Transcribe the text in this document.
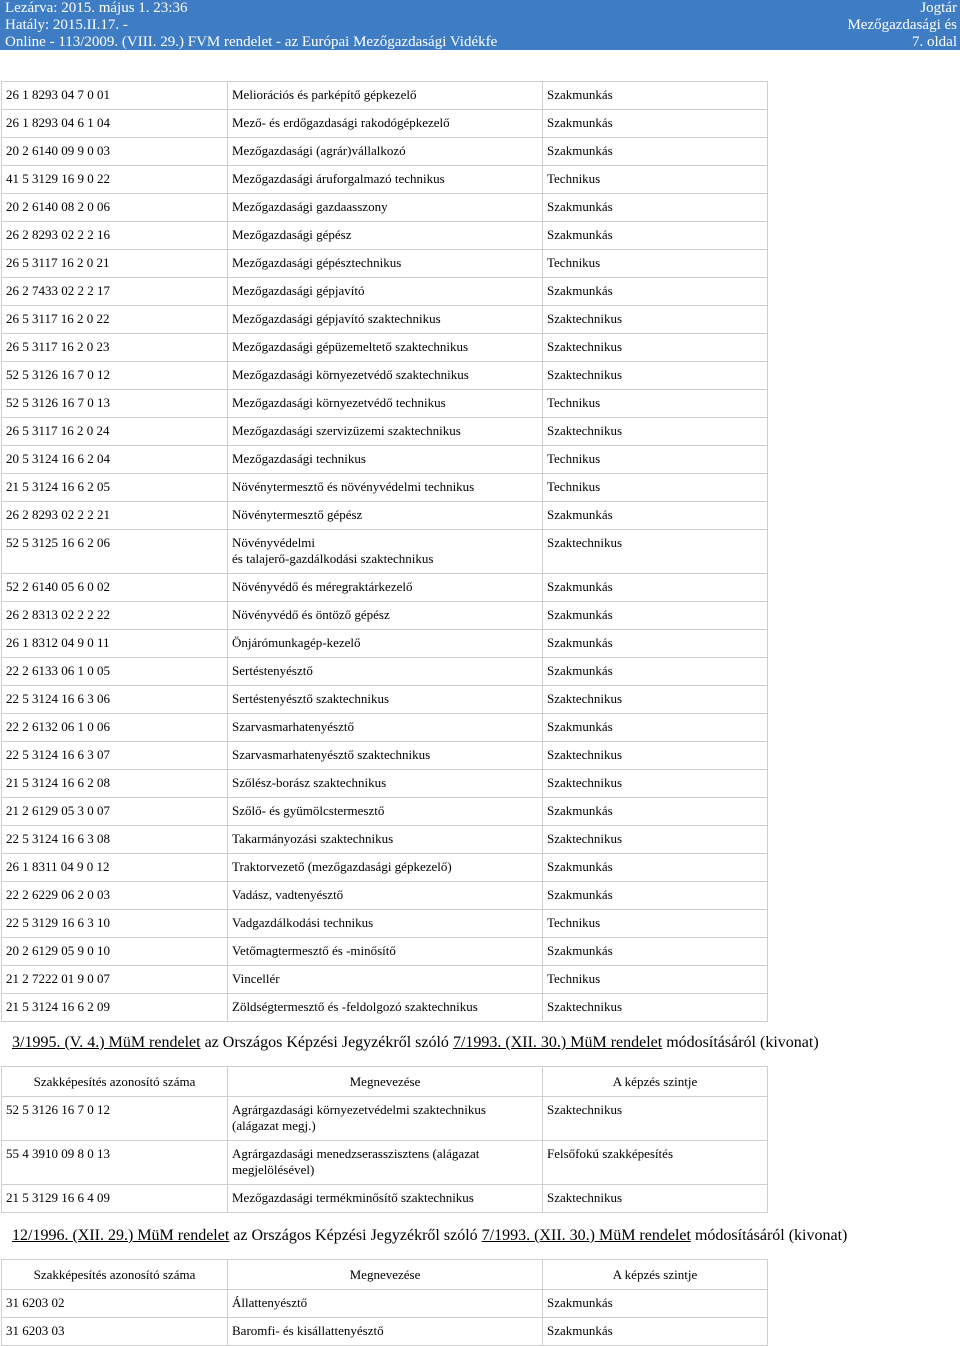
Lezárva: 2015. május 1. 23:36
Hatály: 2015.II.17. -
Online - 113/2009. (VIII. 29.) FVM rendelet - az Európai Mezőgazdasági Vidékfe
Jogtár
Mezőgazdasági és
7. oldal
26 1 8293 04 7 0 01	Meliorációs és parképítő gépkezelő	Szakmunkás
26 1 8293 04 6 1 04	Mező- és erdőgazdasági rakodógépkezelő	Szakmunkás
20 2 6140 09 9 0 03	Mezőgazdasági (agrár)vállalkozó	Szakmunkás
41 5 3129 16 9 0 22	Mezőgazdasági áruforgalmazó technikus	Technikus
20 2 6140 08 2 0 06	Mezőgazdasági gazdaasszony	Szakmunkás
26 2 8293 02 2 2 16	Mezőgazdasági gépész	Szakmunkás
26 5 3117 16 2 0 21	Mezőgazdasági gépésztechnikus	Technikus
26 2 7433 02 2 2 17	Mezőgazdasági gépjavító	Szakmunkás
26 5 3117 16 2 0 22	Mezőgazdasági gépjavító szaktechnikus	Szaktechnikus
26 5 3117 16 2 0 23	Mezőgazdasági gépüzemeltető szaktechnikus	Szaktechnikus
52 5 3126 16 7 0 12	Mezőgazdasági környezetvédő szaktechnikus	Szaktechnikus
52 5 3126 16 7 0 13	Mezőgazdasági környezetvédő technikus	Technikus
26 5 3117 16 2 0 24	Mezőgazdasági szervizüzemi szaktechnikus	Szaktechnikus
20 5 3124 16 6 2 04	Mezőgazdasági technikus	Technikus
21 5 3124 16 6 2 05	Növénytermesztő és növényvédelmi technikus	Technikus
26 2 8293 02 2 2 21	Növénytermesztő gépész	Szakmunkás
52 5 3125 16 6 2 06	Növényvédelmi
és talajerő-gazdálkodási szaktechnikus	Szaktechnikus
52 2 6140 05 6 0 02	Növényvédő és méregraktárkezelő	Szakmunkás
26 2 8313 02 2 2 22	Növényvédő és öntöző gépész	Szakmunkás
26 1 8312 04 9 0 11	Önjárómunkagép-kezelő	Szakmunkás
22 2 6133 06 1 0 05	Sertéstenyésztő	Szakmunkás
22 5 3124 16 6 3 06	Sertéstenyésztő szaktechnikus	Szaktechnikus
22 2 6132 06 1 0 06	Szarvasmarhatenyésztő	Szakmunkás
22 5 3124 16 6 3 07	Szarvasmarhatenyésztő szaktechnikus	Szaktechnikus
21 5 3124 16 6 2 08	Szőlész-borász szaktechnikus	Szaktechnikus
21 2 6129 05 3 0 07	Szőlő- és gyümölcstermesztő	Szakmunkás
22 5 3124 16 6 3 08	Takarmányozási szaktechnikus	Szaktechnikus
26 1 8311 04 9 0 12	Traktorvezető (mezőgazdasági gépkezelő)	Szakmunkás
22 2 6229 06 2 0 03	Vadász, vadtenyésztő	Szakmunkás
22 5 3129 16 6 3 10	Vadgazdálkodási technikus	Technikus
20 2 6129 05 9 0 10	Vetőmagtermesztő és -minősítő	Szakmunkás
21 2 7222 01 9 0 07	Vincellér	Technikus
21 5 3124 16 6 2 09	Zöldségtermesztő és -feldolgozó szaktechnikus	Szaktechnikus
3/1995. (V. 4.) MüM rendelet az Országos Képzési Jegyzékről szóló 7/1993. (XII. 30.) MüM rendelet módosításáról (kivonat)
Szakképesítés azonosító száma	Megnevezése	A képzés szintje
52 5 3126 16 7 0 12	Agrárgazdasági környezetvédelmi szaktechnikus
(alágazat megj.)	Szaktechnikus
55 4 3910 09 8 0 13	Agrárgazdasági menedzserasszisztens (alágazat
megjelölésével)	Felsőfokú szakképesítés
21 5 3129 16 6 4 09	Mezőgazdasági termékminősítő szaktechnikus	Szaktechnikus
12/1996. (XII. 29.) MüM rendelet az Országos Képzési Jegyzékről szóló 7/1993. (XII. 30.) MüM rendelet módosításáról (kivonat)
Szakképesítés azonosító száma	Megnevezése	A képzés szintje
31 6203 02	Állattenyésztő	Szakmunkás
31 6203 03	Baromfi- és kisállattenyésztő	Szakmunkás
